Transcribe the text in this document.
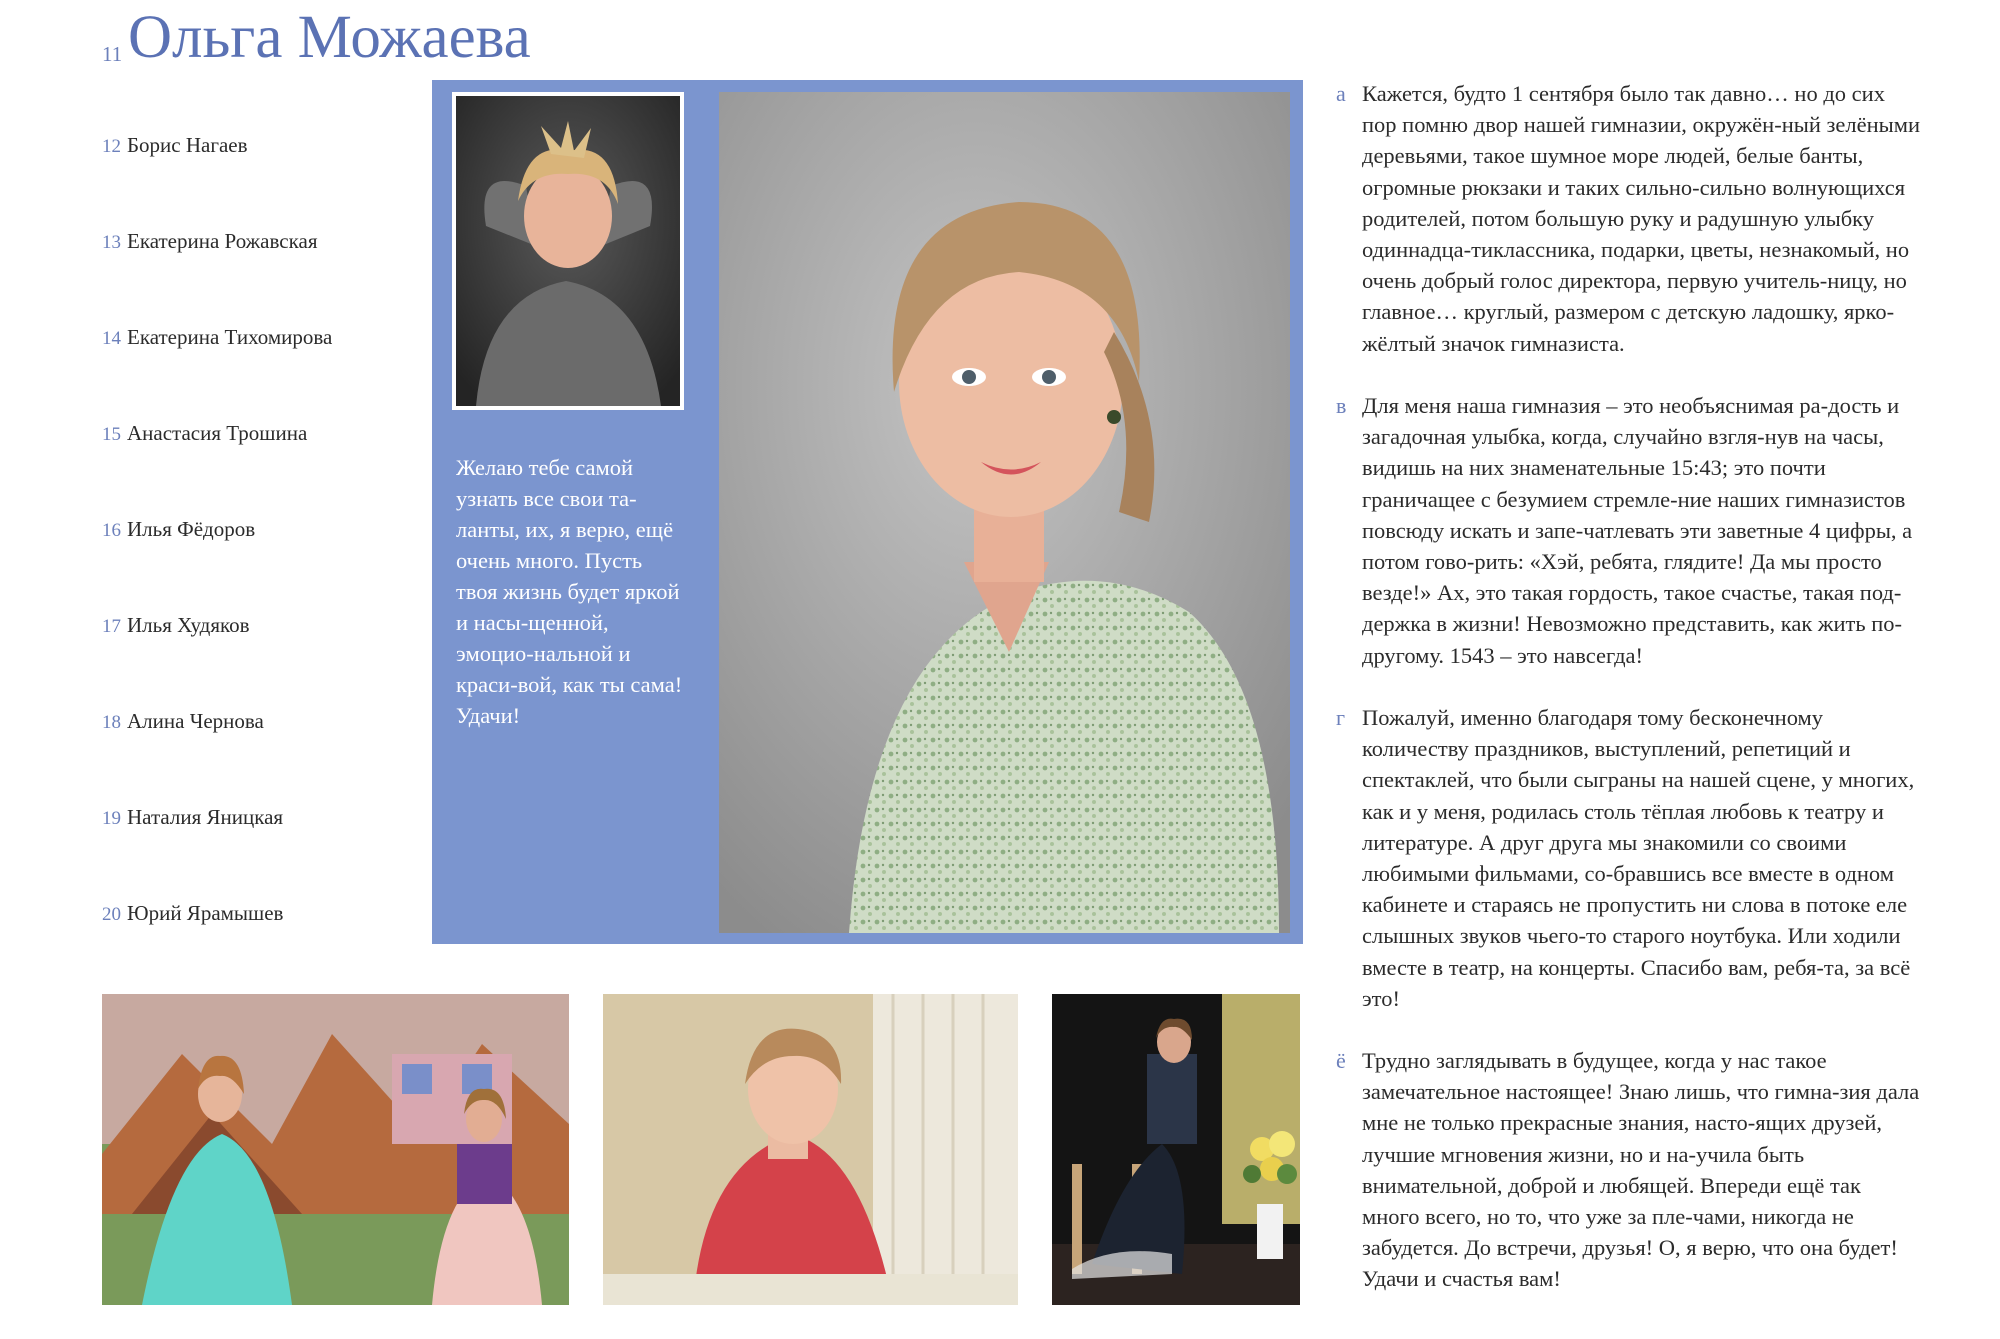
11 Ольга Можаева
12 Борис Нагаев
13 Екатерина Рожавская
14 Екатерина Тихомирова
15 Анастасия Трошина
16 Илья Фёдоров
17 Илья Худяков
18 Алина Чернова
19 Наталия Яницкая
20 Юрий Ярамышев
Желаю тебе самой узнать все свои та-ланты, их, я верю, ещё очень много. Пусть твоя жизнь будет яркой и насы-щенной, эмоцио-нальной и краси-вой, как ты сама! Удачи!
а Кажется, будто 1 сентября было так давно… но до сих пор помню двор нашей гимназии, окружён-ный зелёными деревьями, такое шумное море людей, белые банты, огромные рюкзаки и таких сильно-сильно волнующихся родителей, потом большую руку и радушную улыбку одиннадца-тиклассника, подарки, цветы, незнакомый, но очень добрый голос директора, первую учитель-ницу, но главное… круглый, размером с детскую ладошку, ярко-жёлтый значок гимназиста.
в Для меня наша гимназия – это необъяснимая ра-дость и загадочная улыбка, когда, случайно взгля-нув на часы, видишь на них знаменательные 15:43; это почти граничащее с безумием стремле-ние наших гимназистов повсюду искать и запе-чатлевать эти заветные 4 цифры, а потом гово-рить: «Хэй, ребята, глядите! Да мы просто везде!» Ах, это такая гордость, такое счастье, такая под-держка в жизни! Невозможно представить, как жить по-другому. 1543 – это навсегда!
г Пожалуй, именно благодаря тому бесконечному количеству праздников, выступлений, репетиций и спектаклей, что были сыграны на нашей сцене, у многих, как и у меня, родилась столь тёплая любовь к театру и литературе. А друг друга мы знакомили со своими любимыми фильмами, со-бравшись все вместе в одном кабинете и стараясь не пропустить ни слова в потоке еле слышных звуков чьего-то старого ноутбука. Или ходили вместе в театр, на концерты. Спасибо вам, ребя-та, за всё это!
ё Трудно заглядывать в будущее, когда у нас такое замечательное настоящее! Знаю лишь, что гимна-зия дала мне не только прекрасные знания, насто-ящих друзей, лучшие мгновения жизни, но и на-учила быть внимательной, доброй и любящей. Впереди ещё так много всего, но то, что уже за пле-чами, никогда не забудется. До встречи, друзья! О, я верю, что она будет! Удачи и счастья вам!
